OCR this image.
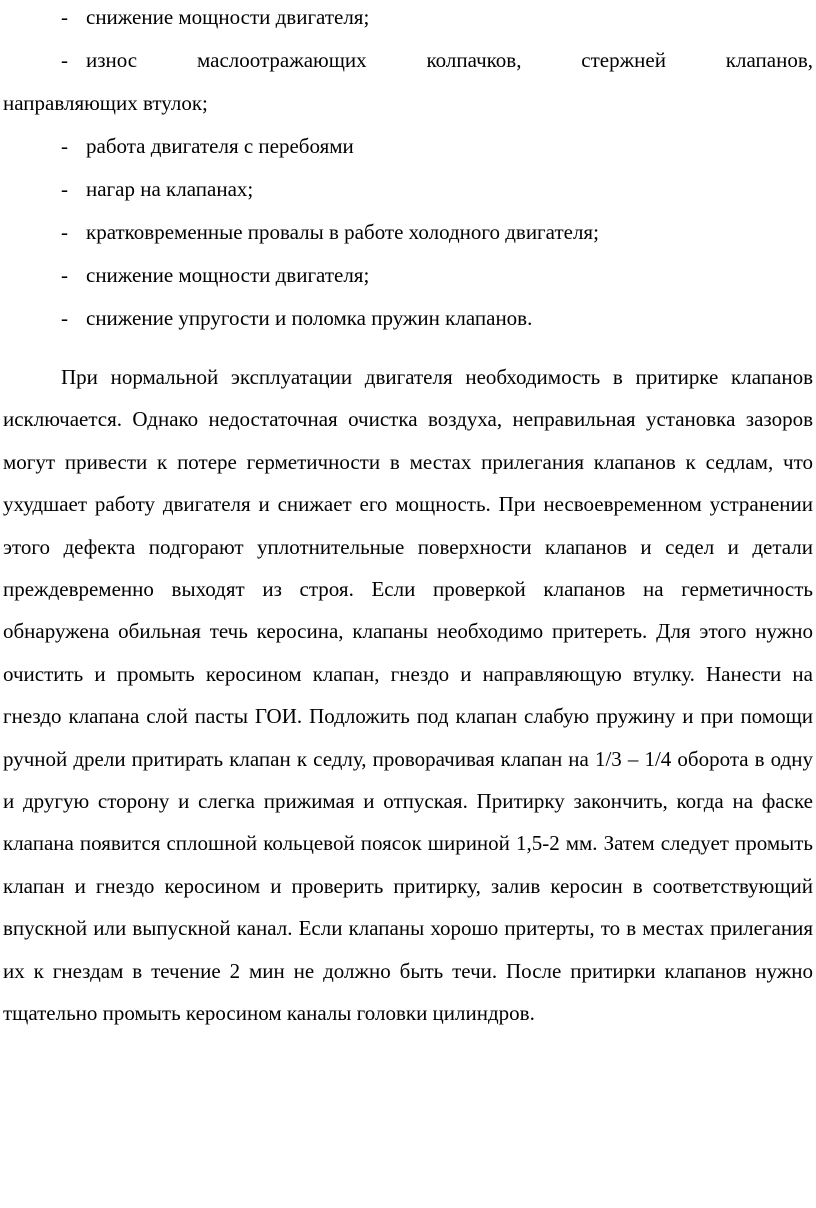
- снижение мощности двигателя;
- износ маслоотражающих колпачков, стержней клапанов,
направляющих втулок;
- работа двигателя с перебоями
- нагар на клапанах;
- кратковременные провалы в работе холодного двигателя;
- снижение мощности двигателя;
- снижение упругости и поломка пружин клапанов.

При нормальной эксплуатации двигателя необходимость в притирке клапанов исключается. Однако недостаточная очистка воздуха, неправильная установка зазоров могут привести к потере герметичности в местах прилегания клапанов к седлам, что ухудшает работу двигателя и снижает его мощность. При несвоевременном устранении этого дефекта подгорают уплотнительные поверхности клапанов и седел и детали преждевременно выходят из строя. Если проверкой клапанов на герметичность обнаружена обильная течь керосина, клапаны необходимо притереть. Для этого нужно очистить и промыть керосином клапан, гнездо и направляющую втулку. Нанести на гнездо клапана слой пасты ГОИ. Подложить под клапан слабую пружину и при помощи ручной дрели притирать клапан к седлу, проворачивая клапан на 1/3 – 1/4 оборота в одну и другую сторону и слегка прижимая и отпуская. Притирку закончить, когда на фаске клапана появится сплошной кольцевой поясок шириной 1,5-2 мм. Затем следует промыть клапан и гнездо керосином и проверить притирку, залив керосин в соответствующий впускной или выпускной канал. Если клапаны хорошо притерты, то в местах прилегания их к гнездам в течение 2 мин не должно быть течи. После притирки клапанов нужно тщательно промыть керосином каналы головки цилиндров.
